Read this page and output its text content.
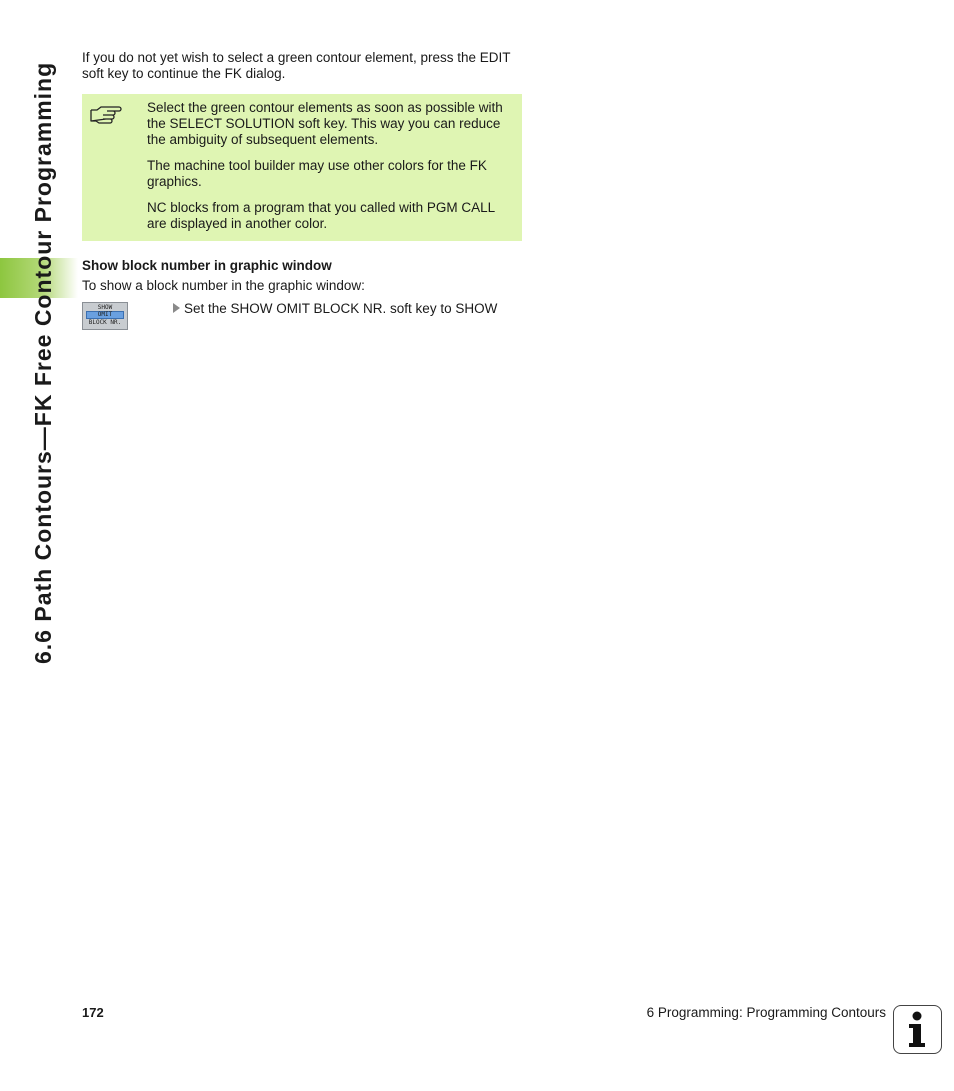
6.6 Path Contours—FK Free Contour Programming

If you do not yet wish to select a green contour element, press the EDIT soft key to continue the FK dialog.

Select the green contour elements as soon as possible with the SELECT SOLUTION soft key. This way you can reduce the ambiguity of subsequent elements.

The machine tool builder may use other colors for the FK graphics.

NC blocks from a program that you called with PGM CALL are displayed in another color.

Show block number in graphic window

To show a block number in the graphic window:

SHOW
OMIT
BLOCK NR.
Set the SHOW OMIT BLOCK NR. soft key to SHOW
172	6 Programming: Programming Contours
